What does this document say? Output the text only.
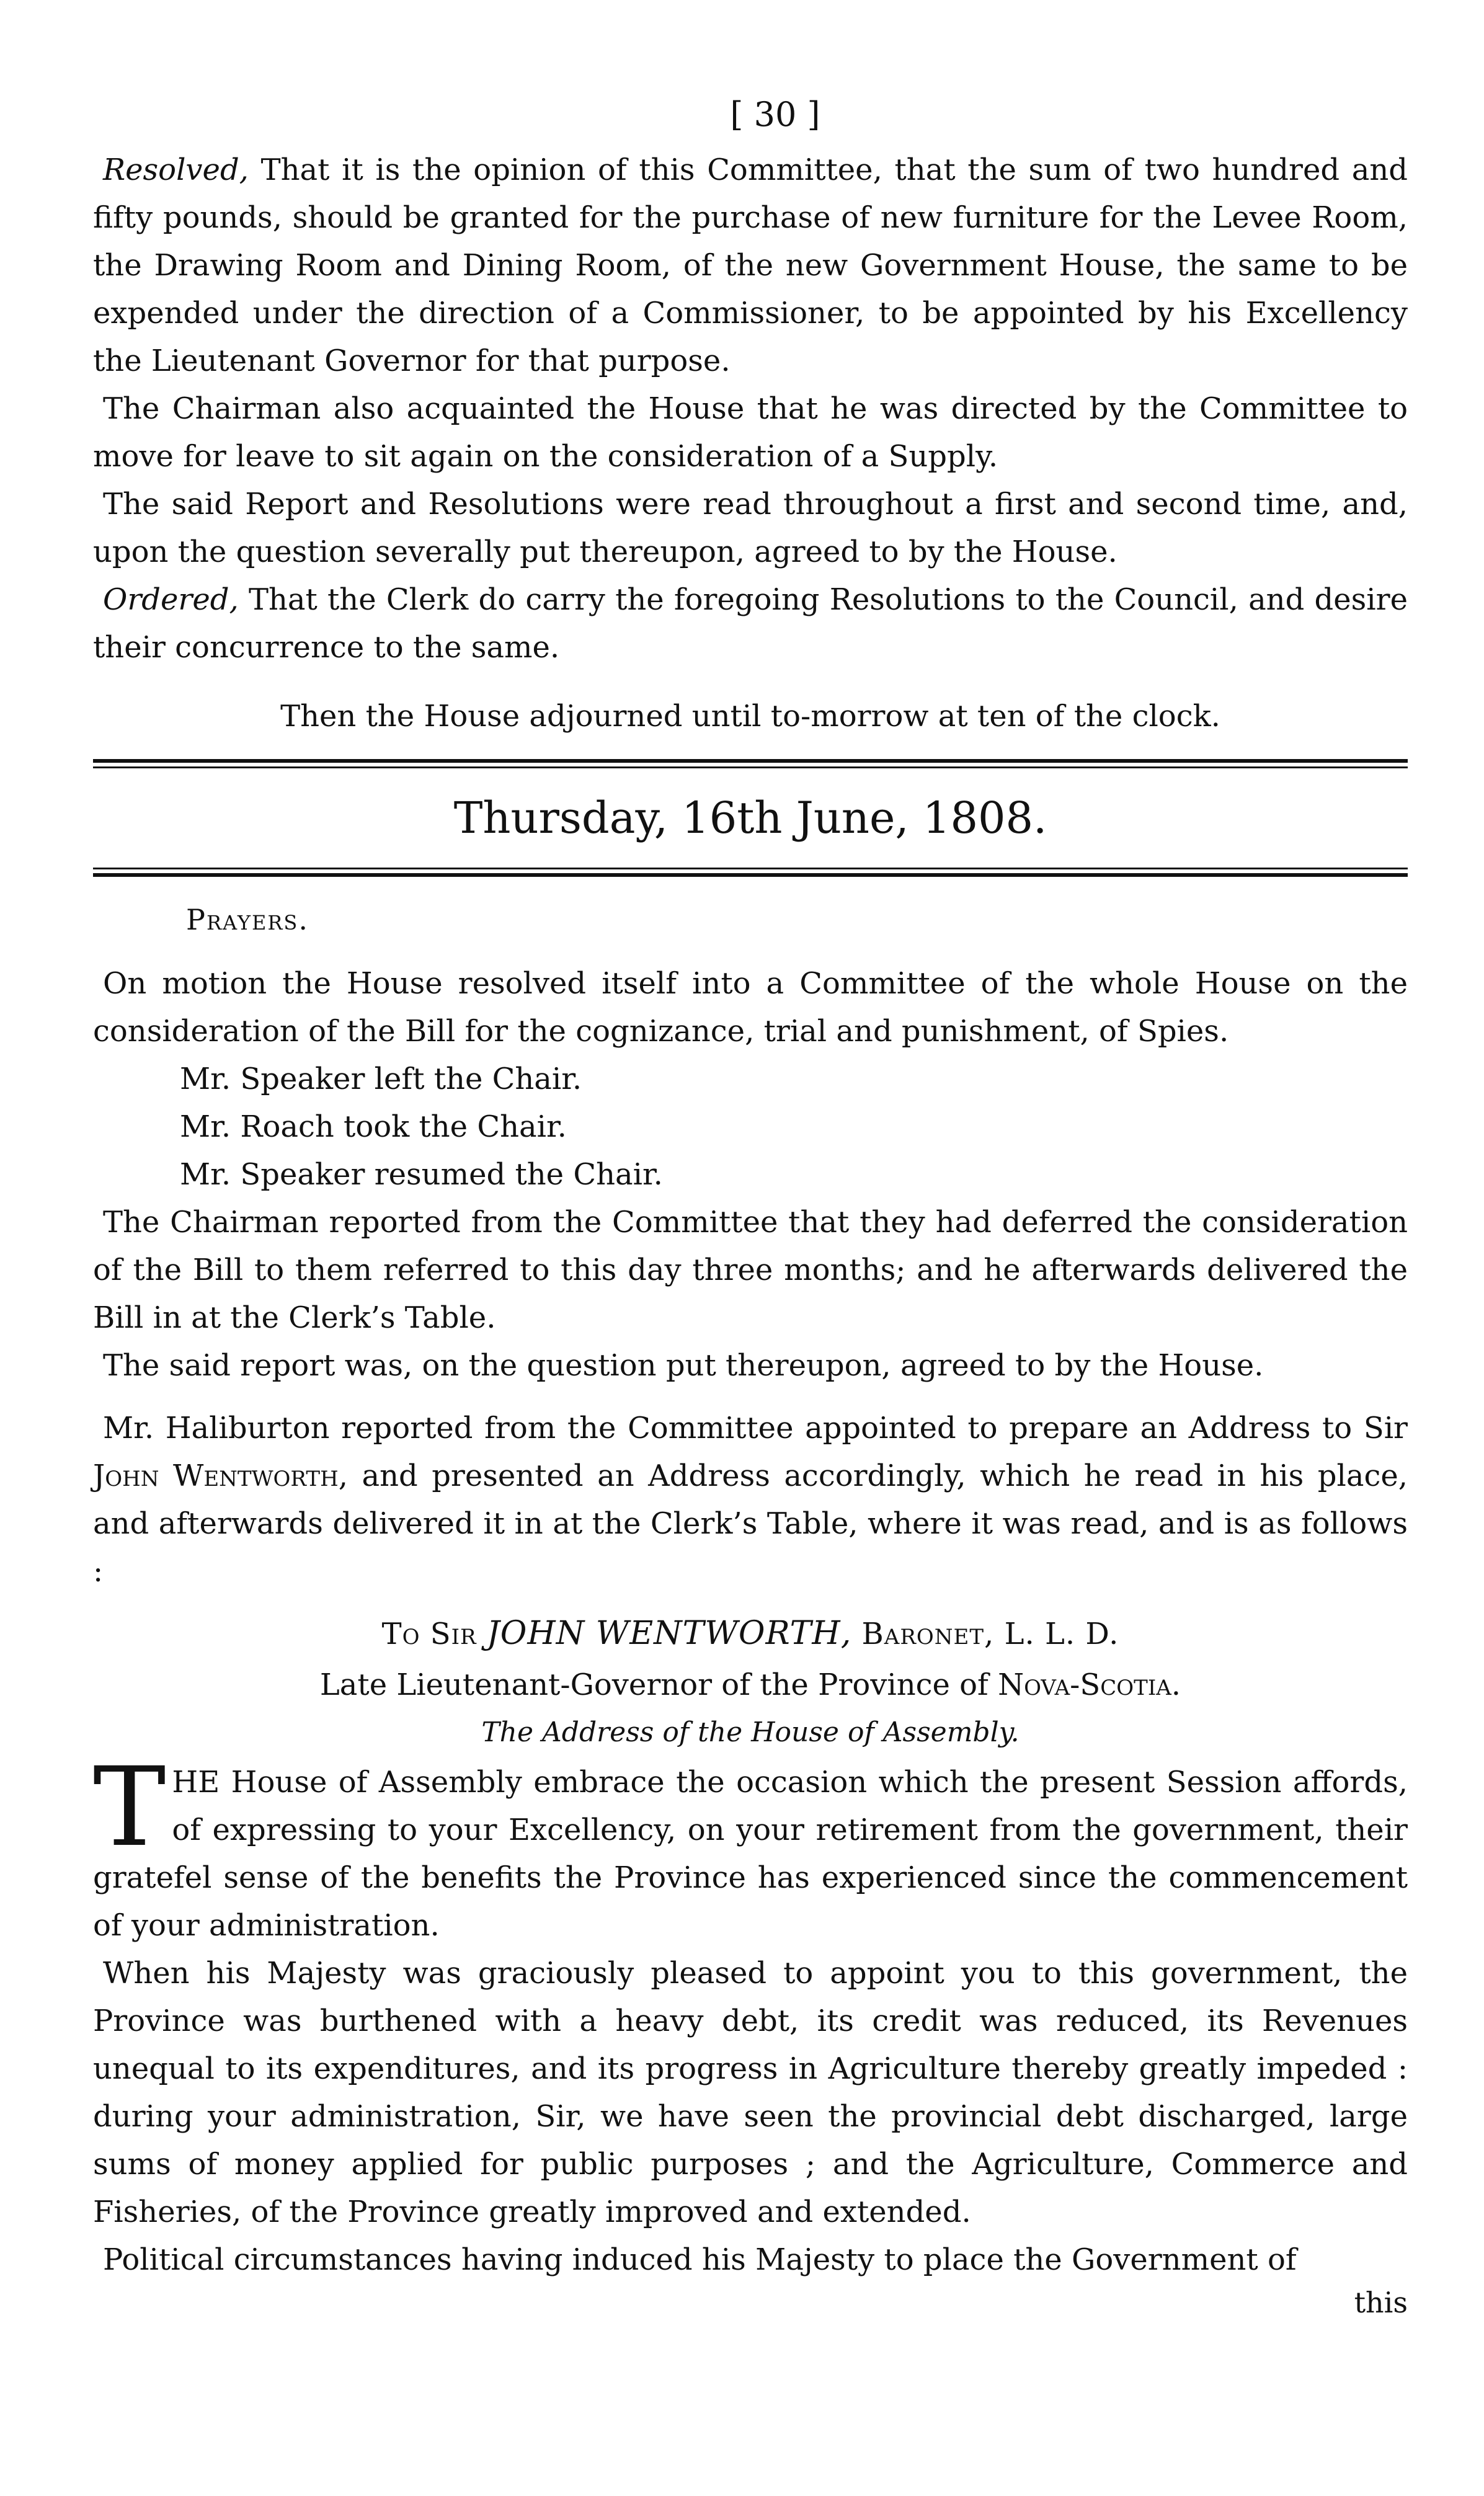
[ 30 ]

Resolved, That it is the opinion of this Committee, that the sum of two hundred and fifty pounds, should be granted for the purchase of new furniture for the Levee Room, the Drawing Room and Dining Room, of the new Government House, the same to be expended under the direction of a Commissioner, to be appointed by his Excellency the Lieutenant Governor for that purpose.

The Chairman also acquainted the House that he was directed by the Committee to move for leave to sit again on the consideration of a Supply.

The said Report and Resolutions were read throughout a first and second time, and, upon the question severally put thereupon, agreed to by the House.

Ordered, That the Clerk do carry the foregoing Resolutions to the Council, and desire their concurrence to the same.

Then the House adjourned until to-morrow at ten of the clock.

Thursday, 16th June, 1808.
Prayers.

On motion the House resolved itself into a Committee of the whole House on the consideration of the Bill for the cognizance, trial and punishment, of Spies.

Mr. Speaker left the Chair.

Mr. Roach took the Chair.

Mr. Speaker resumed the Chair.

The Chairman reported from the Committee that they had deferred the consideration of the Bill to them referred to this day three months; and he afterwards delivered the Bill in at the Clerk’s Table.

The said report was, on the question put thereupon, agreed to by the House.

Mr. Haliburton reported from the Committee appointed to prepare an Address to Sir John Wentworth, and presented an Address accordingly, which he read in his place, and afterwards delivered it in at the Clerk’s Table, where it was read, and is as follows :

To Sir JOHN WENTWORTH, Baronet, L. L. D.

Late Lieutenant-Governor of the Province of Nova-Scotia.

The Address of the House of Assembly.

THE House of Assembly embrace the occasion which the present Session affords, of expressing to your Excellency, on your retirement from the government, their gratefel sense of the benefits the Province has experienced since the commencement of your administration.

When his Majesty was graciously pleased to appoint you to this government, the Province was burthened with a heavy debt, its credit was reduced, its Revenues unequal to its expenditures, and its progress in Agriculture thereby greatly impeded : during your administration, Sir, we have seen the provincial debt discharged, large sums of money applied for public purposes ; and the Agriculture, Commerce and Fisheries, of the Province greatly improved and extended.

Political circumstances having induced his Majesty to place the Government of

this
